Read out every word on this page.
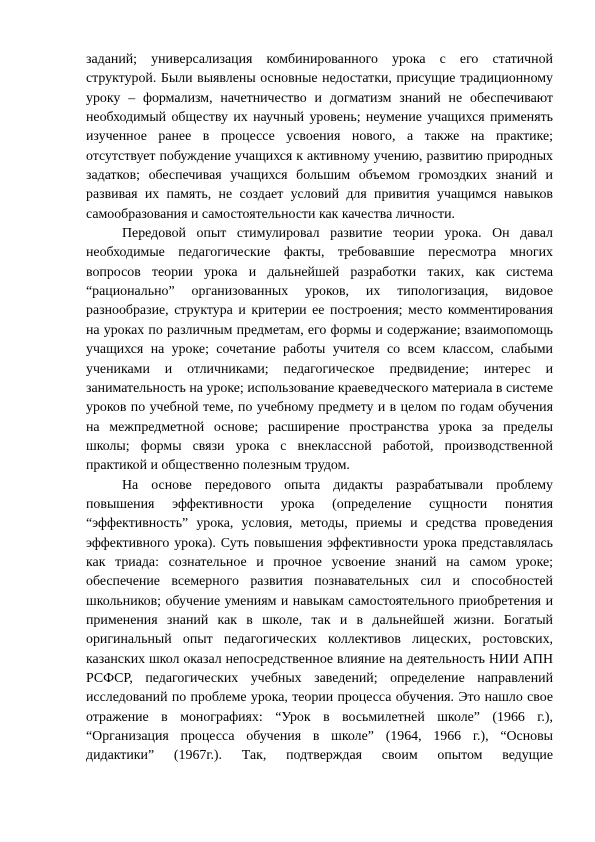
заданий; универсализация комбинированного урока с его статичной структурой. Были выявлены основные недостатки, присущие традиционному уроку – формализм, начетничество и догматизм знаний не обеспечивают необходимый обществу их научный уровень; неумение учащихся применять изученное ранее в процессе усвоения нового, а также на практике; отсутствует побуждение учащихся к активному учению, развитию природных задатков; обеспечивая учащихся большим объемом громоздких знаний и развивая их память, не создает условий для привития учащимся навыков самообразования и самостоятельности как качества личности.

Передовой опыт стимулировал развитие теории урока. Он давал необходимые педагогические факты, требовавшие пересмотра многих вопросов теории урока и дальнейшей разработки таких, как система “рационально” организованных уроков, их типологизация, видовое разнообразие, структура и критерии ее построения; место комментирования на уроках по различным предметам, его формы и содержание; взаимопомощь учащихся на уроке; сочетание работы учителя со всем классом, слабыми учениками и отличниками; педагогическое предвидение; интерес и занимательность на уроке; использование краеведческого материала в системе уроков по учебной теме, по учебному предмету и в целом по годам обучения на межпредметной основе; расширение пространства урока за пределы школы; формы связи урока с внеклассной работой, производственной практикой и общественно полезным трудом.

На основе передового опыта дидакты разрабатывали проблему повышения эффективности урока (определение сущности понятия “эффективность” урока, условия, методы, приемы и средства проведения эффективного урока). Суть повышения эффективности урока представлялась как триада: сознательное и прочное усвоение знаний на самом уроке; обеспечение всемерного развития познавательных сил и способностей школьников; обучение умениям и навыкам самостоятельного приобретения и применения знаний как в школе, так и в дальнейшей жизни. Богатый оригинальный опыт педагогических коллективов лицеских, ростовских, казанских школ оказал непосредственное влияние на деятельность НИИ АПН РСФСР, педагогических учебных заведений; определение направлений исследований по проблеме урока, теории процесса обучения. Это нашло свое отражение в монографиях: “Урок в восьмилетней школе” (1966 г.), “Организация процесса обучения в школе” (1964, 1966 г.), “Основы дидактики” (1967г.). Так, подтверждая своим опытом ведущие
